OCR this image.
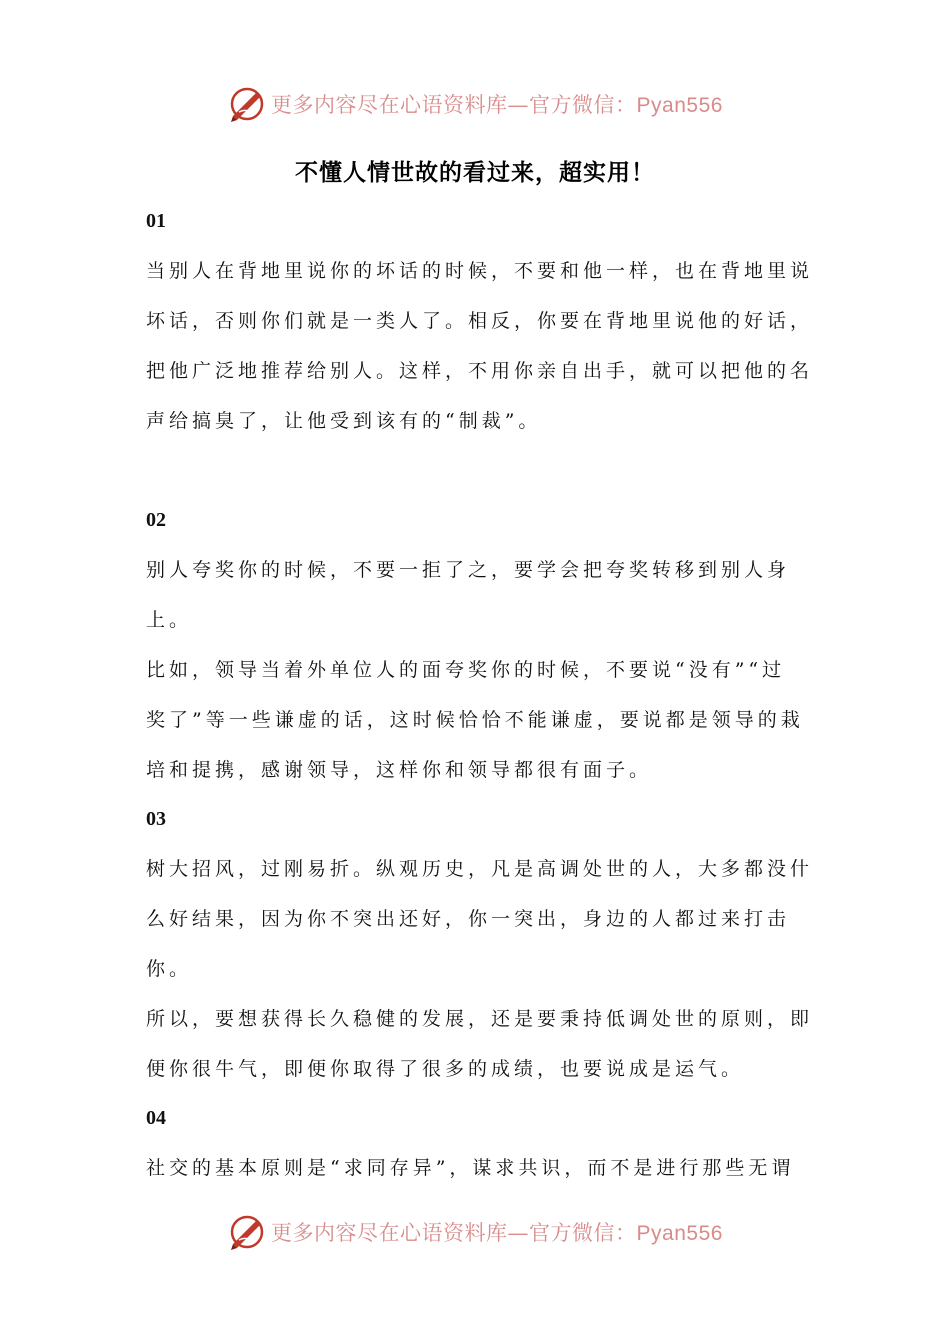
更多内容尽在心语资料库—官方微信：Pyan556
不懂人情世故的看过来，超实用！
01

当别人在背地里说你的坏话的时候，不要和他一样，也在背地里说
坏话，否则你们就是一类人了。相反，你要在背地里说他的好话，
把他广泛地推荐给别人。这样，不用你亲自出手，就可以把他的名
声给搞臭了，让他受到该有的“制裁”。

02

别人夸奖你的时候，不要一拒了之，要学会把夸奖转移到别人身上。
比如，领导当着外单位人的面夸奖你的时候，不要说“没有”“过
奖了”等一些谦虚的话，这时候恰恰不能谦虚，要说都是领导的栽
培和提携，感谢领导，这样你和领导都很有面子。

03

树大招风，过刚易折。纵观历史，凡是高调处世的人，大多都没什
么好结果，因为你不突出还好，你一突出，身边的人都过来打击你。
所以，要想获得长久稳健的发展，还是要秉持低调处世的原则，即
便你很牛气，即便你取得了很多的成绩，也要说成是运气。

04

社交的基本原则是“求同存异”，谋求共识，而不是进行那些无谓

更多内容尽在心语资料库—官方微信：Pyan556
